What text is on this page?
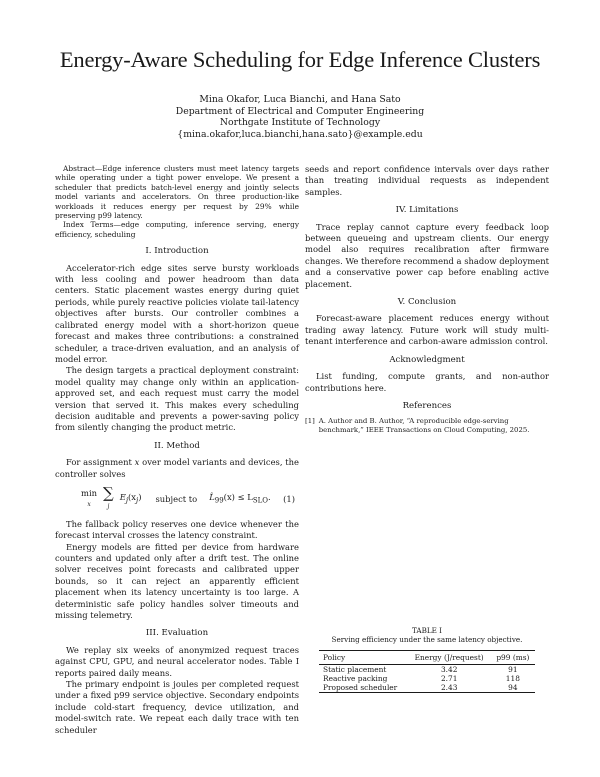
Energy-Aware Scheduling for Edge Inference Clusters
Mina Okafor, Luca Bianchi, and Hana Sato
Department of Electrical and Computer Engineering
Northgate Institute of Technology
{mina.okafor,luca.bianchi,hana.sato}@example.edu

Abstract—Edge inference clusters must meet latency targets while operating under a tight power envelope. We present a scheduler that predicts batch-level energy and jointly selects model variants and accelerators. On three production-like workloads it reduces energy per request by 29% while preserving p99 latency.

Index Terms—edge computing, inference serving, energy efficiency, scheduling

I. Introduction

Accelerator-rich edge sites serve bursty workloads with less cooling and power headroom than data centers. Static placement wastes energy during quiet periods, while purely reactive policies violate tail-latency objectives after bursts. Our controller combines a calibrated energy model with a short-horizon queue forecast and makes three contributions: a constrained scheduler, a trace-driven evaluation, and an analysis of model error.

The design targets a practical deployment constraint: model quality may change only within an application-approved set, and each request must carry the model version that served it. This makes every scheduling decision auditable and prevents a power-saving policy from silently changing the product metric.

II. Method

For assignment x over model variants and devices, the controller solves

min
x
∑
j
$E_j(x_j)$ subject to $L̂_{99}(x) \le L_{SLO}$. (1)

The fallback policy reserves one device whenever the forecast interval crosses the latency constraint.

Energy models are fitted per device from hardware counters and updated only after a drift test. The online solver receives point forecasts and calibrated upper bounds, so it can reject an apparently efficient placement when its latency uncertainty is too large. A deterministic safe policy handles solver timeouts and missing telemetry.

III. Evaluation

We replay six weeks of anonymized request traces against CPU, GPU, and neural accelerator nodes. Table I reports paired daily means.

The primary endpoint is joules per completed request under a fixed p99 service objective. Secondary endpoints include cold-start frequency, device utilization, and model-switch rate. We repeat each daily trace with ten scheduler

seeds and report confidence intervals over days rather than treating individual requests as independent samples.

IV. Limitations

Trace replay cannot capture every feedback loop between queueing and upstream clients. Our energy model also requires recalibration after firmware changes. We therefore recommend a shadow deployment and a conservative power cap before enabling active placement.

V. Conclusion

Forecast-aware placement reduces energy without trading away latency. Future work will study multi-tenant interference and carbon-aware admission control.

Acknowledgment

List funding, compute grants, and non-author contributions here.

References
[1] A. Author and B. Author, “A reproducible edge-serving benchmark,” IEEE Transactions on Cloud Computing, 2025.
TABLE I
Serving efficiency under the same latency objective.
Policy	Energy (J/request)	p99 (ms)
Static placement	3.42	91
Reactive packing	2.71	118
Proposed scheduler	2.43	94
